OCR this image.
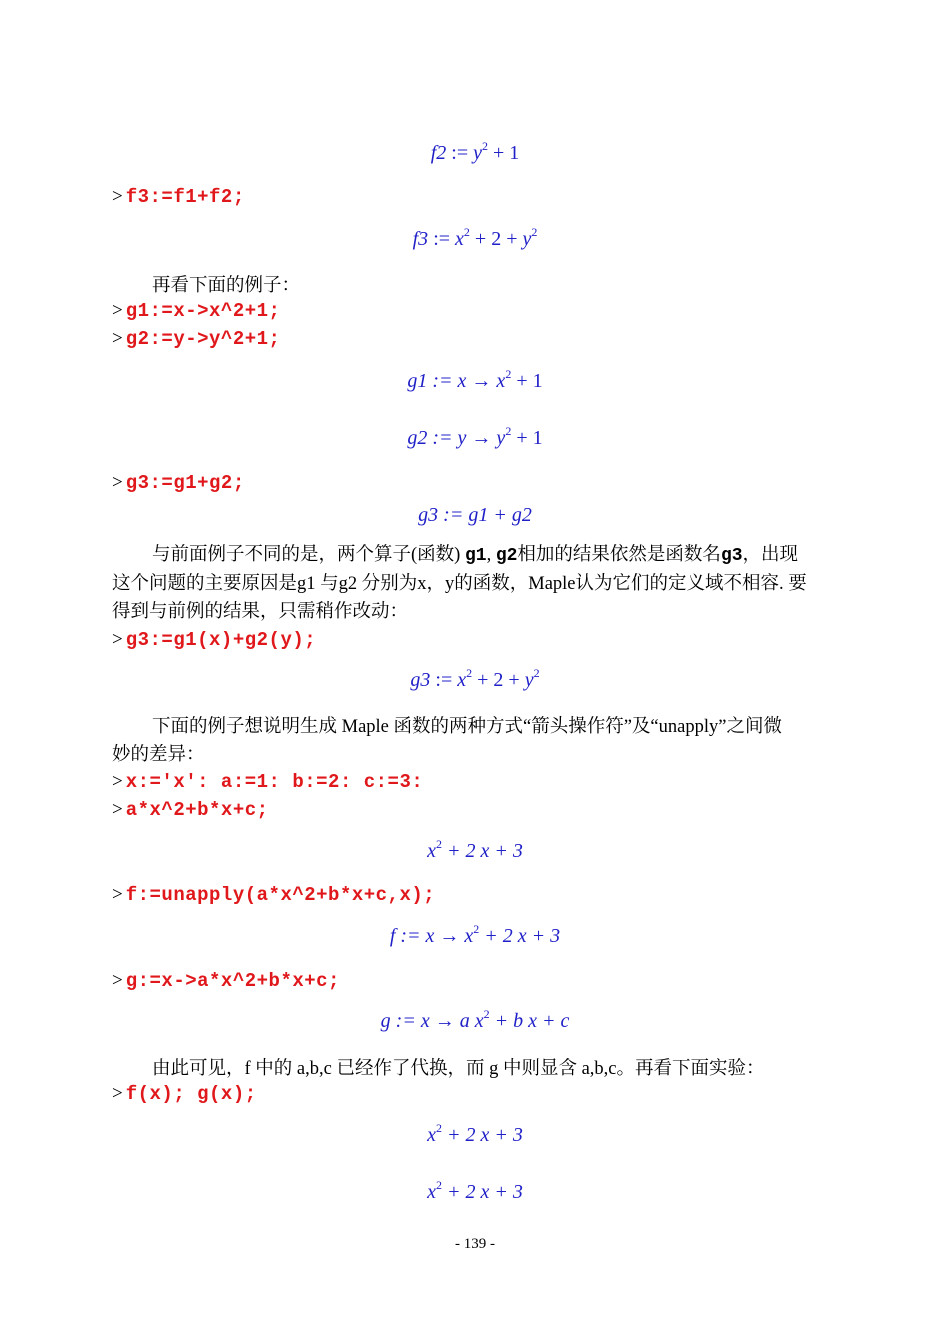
f2 := $y^2 + 1$
> f3:=f1+f2;
f3 := $x^2 + 2 + y^2$
再看下面的例子：
> g1:=x->x^2+1;
> g2:=y->y^2+1;
g1 := $x \to x^2 + 1$
g2 := $y \to y^2 + 1$
> g3:=g1+g2;
g3 := g1 + g2
与前面例子不同的是，两个算子(函数) g1, g2相加的结果依然是函数名g3，出现
这个问题的主要原因是g1 与g2 分别为x，y的函数，Maple认为它们的定义域不相容. 要
得到与前例的结果，只需稍作改动：
> g3:=g1(x)+g2(y);
g3 := $x^2 + 2 + y^2$
下面的例子想说明生成 Maple 函数的两种方式“箭头操作符”及“unapply”之间微
妙的差异：
> x:='x': a:=1: b:=2: c:=3:
> a*x^2+b*x+c;
$x^2 + 2$ x + 3
> f:=unapply(a*x^2+b*x+c,x);
f := $x \to x^2 + 2$ x + 3
> g:=x->a*x^2+b*x+c;
g := x → a $x^2 + b$ x + c
由此可见，f 中的 a,b,c 已经作了代换，而 g 中则显含 a,b,c。再看下面实验：
> f(x); g(x);
$x^2 + 2$ x + 3
$x^2 + 2$ x + 3
- 139 -
